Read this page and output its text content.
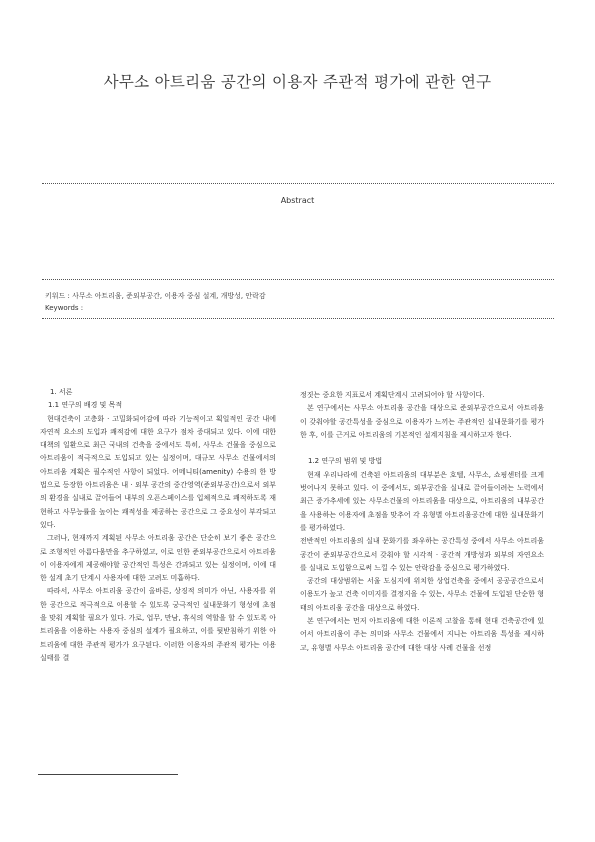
사무소 아트리움 공간의 이용자 주관적 평가에 관한 연구
Abstract
키워드 : 사무소 아트리움, 준외부공간, 이용자 중심 설계, 개방성, 안락감
Keywords :

1. 서론

1.1 연구의 배경 및 목적

현대건축이 고층화 · 고밀화되어감에 따라 기능적이고 획일적인 공간 내에 자연적 요소의 도입과 쾌적감에 대한 요구가 점차 증대되고 있다. 이에 대한 대책의 일환으로 최근 국내의 건축을 중에서도 특히, 사무소 건물을 중심으로 아트리움이 적극적으로 도입되고 있는 실정이며, 대규모 사무소 건물에서의 아트리움 계획은 필수적인 사항이 되었다. 어메니티(amenity) 수용의 한 방법으로 등장한 아트리움은 내 · 외부 공간의 중간영역(준외부공간)으로서 외부의 환경을 실내로 끌어들여 내부의 오픈스페이스를 입체적으로 쾌적하도록 재현하고 사무능률을 높이는 쾌적성을 제공하는 공간으로 그 중요성이 부각되고 있다.

그러나, 현재까지 계획된 사무소 아트리움 공간은 단순히 보기 좋은 공간으로 조형적인 아름다움만을 추구하였고, 이로 인한 준외부공간으로서 아트리움이 이용자에게 제공해야할 공간적인 특성은 간과되고 있는 실정이며, 이에 대한 설계 초기 단계시 사용자에 대한 고려도 미흡하다.

따라서, 사무소 아트리움 공간이 올바른, 상징적 의미가 아닌, 사용자를 위한 공간으로 적극적으로 이용할 수 있도록 궁극적인 실내문화기 형성에 초점을 맞춰 계획할 필요가 있다. 가로, 업무, 만남, 휴식의 역할을 할 수 있도록 아트리움을 이용하는 사용자 중심의 설계가 필요하고, 이를 뒷받침하기 위한 아트리움에 대한 주관적 평가가 요구된다. 이러한 이용자의 주관적 평가는 이용실태를 결

정짓는 중요한 지표로서 계획단계시 고려되어야 할 사항이다.

본 연구에서는 사무소 아트리움 공간을 대상으로 준외부공간으로서 아트리움이 갖춰야할 공간특성을 중심으로 이용자가 느끼는 주관적인 실내문화기를 평가한 후, 이를 근거로 아트리움의 기본적인 설계지침을 제시하고자 한다.

1.2 연구의 범위 및 방법

현재 우리나라에 건축된 아트리움의 대부분은 호텔, 사무소, 쇼핑센터를 크게 벗어나지 못하고 있다. 이 중에서도, 외부공간을 실내로 끌어들이려는 노력에서 최근 증가추세에 있는 사무소건물의 아트리움을 대상으로, 아트리움의 내부공간을 사용하는 이용자에 초점을 맞추어 각 유형별 아트리움공간에 대한 실내문화기를 평가하였다.

전반적인 아트리움의 실내 문화기를 좌우하는 공간특성 중에서 사무소 아트리움 공간이 준외부공간으로서 갖춰야 할 시각적 · 공간적 개방성과 외부의 자연요소를 실내로 도입함으로써 느낄 수 있는 안락감을 중심으로 평가하였다.

공간의 대상범위는 서울 도심지에 위치한 상업건축을 중에서 공공공간으로서 이용도가 높고 건축 이미지를 결정지을 수 있는, 사무소 건물에 도입된 단순한 형태의 아트리움 공간을 대상으로 하였다.

본 연구에서는 먼저 아트리움에 대한 이론적 고찰을 통해 현대 건축공간에 있어서 아트리움이 주는 의미와 사무소 건물에서 지니는 아트리움 특성을 제시하고, 유형별 사무소 아트리움 공간에 대한 대상 사례 건물을 선정
